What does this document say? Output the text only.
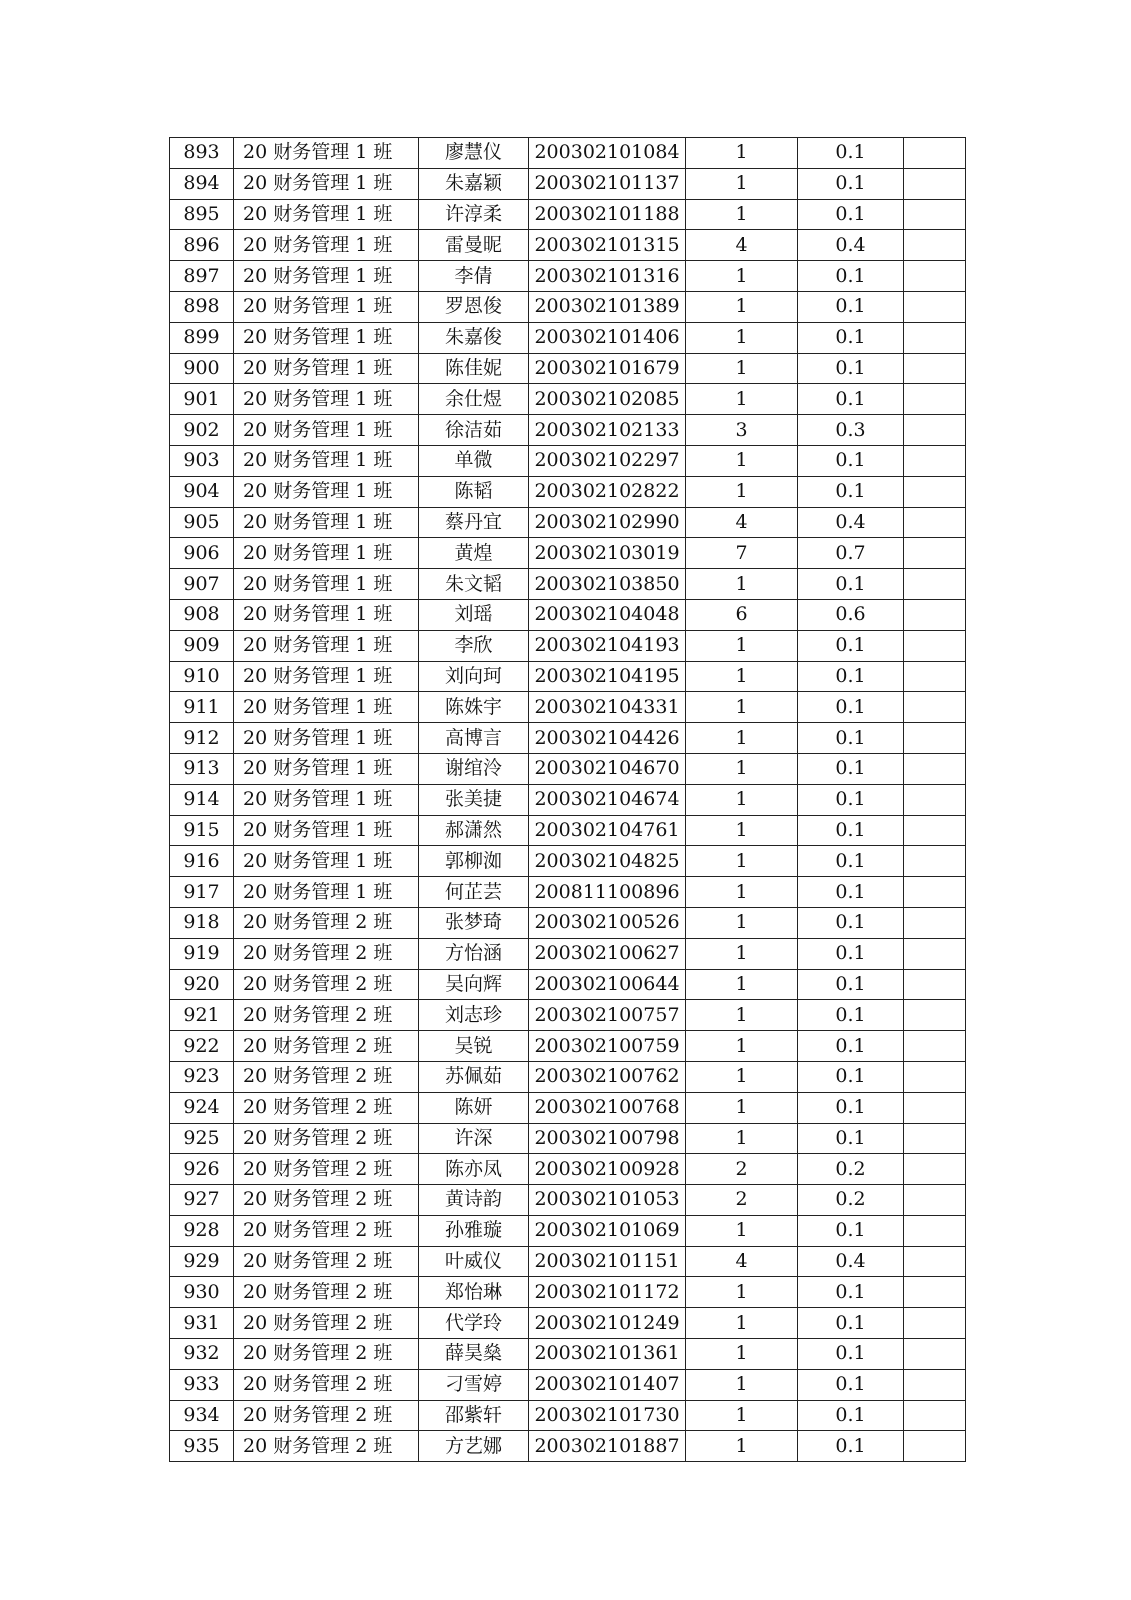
893	20 财务管理 1 班	廖慧仪	200302101084	1	0.1	
894	20 财务管理 1 班	朱嘉颖	200302101137	1	0.1	
895	20 财务管理 1 班	许淳柔	200302101188	1	0.1	
896	20 财务管理 1 班	雷曼昵	200302101315	4	0.4	
897	20 财务管理 1 班	李倩	200302101316	1	0.1	
898	20 财务管理 1 班	罗恩俊	200302101389	1	0.1	
899	20 财务管理 1 班	朱嘉俊	200302101406	1	0.1	
900	20 财务管理 1 班	陈佳妮	200302101679	1	0.1	
901	20 财务管理 1 班	余仕煜	200302102085	1	0.1	
902	20 财务管理 1 班	徐洁茹	200302102133	3	0.3	
903	20 财务管理 1 班	单微	200302102297	1	0.1	
904	20 财务管理 1 班	陈韬	200302102822	1	0.1	
905	20 财务管理 1 班	蔡丹宜	200302102990	4	0.4	
906	20 财务管理 1 班	黄煌	200302103019	7	0.7	
907	20 财务管理 1 班	朱文韬	200302103850	1	0.1	
908	20 财务管理 1 班	刘瑶	200302104048	6	0.6	
909	20 财务管理 1 班	李欣	200302104193	1	0.1	
910	20 财务管理 1 班	刘向珂	200302104195	1	0.1	
911	20 财务管理 1 班	陈姝宇	200302104331	1	0.1	
912	20 财务管理 1 班	高博言	200302104426	1	0.1	
913	20 财务管理 1 班	谢绾泠	200302104670	1	0.1	
914	20 财务管理 1 班	张美捷	200302104674	1	0.1	
915	20 财务管理 1 班	郝潇然	200302104761	1	0.1	
916	20 财务管理 1 班	郭柳洳	200302104825	1	0.1	
917	20 财务管理 1 班	何芷芸	200811100896	1	0.1	
918	20 财务管理 2 班	张梦琦	200302100526	1	0.1	
919	20 财务管理 2 班	方怡涵	200302100627	1	0.1	
920	20 财务管理 2 班	吴向辉	200302100644	1	0.1	
921	20 财务管理 2 班	刘志珍	200302100757	1	0.1	
922	20 财务管理 2 班	吴锐	200302100759	1	0.1	
923	20 财务管理 2 班	苏佩茹	200302100762	1	0.1	
924	20 财务管理 2 班	陈妍	200302100768	1	0.1	
925	20 财务管理 2 班	许深	200302100798	1	0.1	
926	20 财务管理 2 班	陈亦凤	200302100928	2	0.2	
927	20 财务管理 2 班	黄诗韵	200302101053	2	0.2	
928	20 财务管理 2 班	孙雅璇	200302101069	1	0.1	
929	20 财务管理 2 班	叶威仪	200302101151	4	0.4	
930	20 财务管理 2 班	郑怡琳	200302101172	1	0.1	
931	20 财务管理 2 班	代学玲	200302101249	1	0.1	
932	20 财务管理 2 班	薛昊燊	200302101361	1	0.1	
933	20 财务管理 2 班	刁雪婷	200302101407	1	0.1	
934	20 财务管理 2 班	邵紫轩	200302101730	1	0.1	
935	20 财务管理 2 班	方艺娜	200302101887	1	0.1	
